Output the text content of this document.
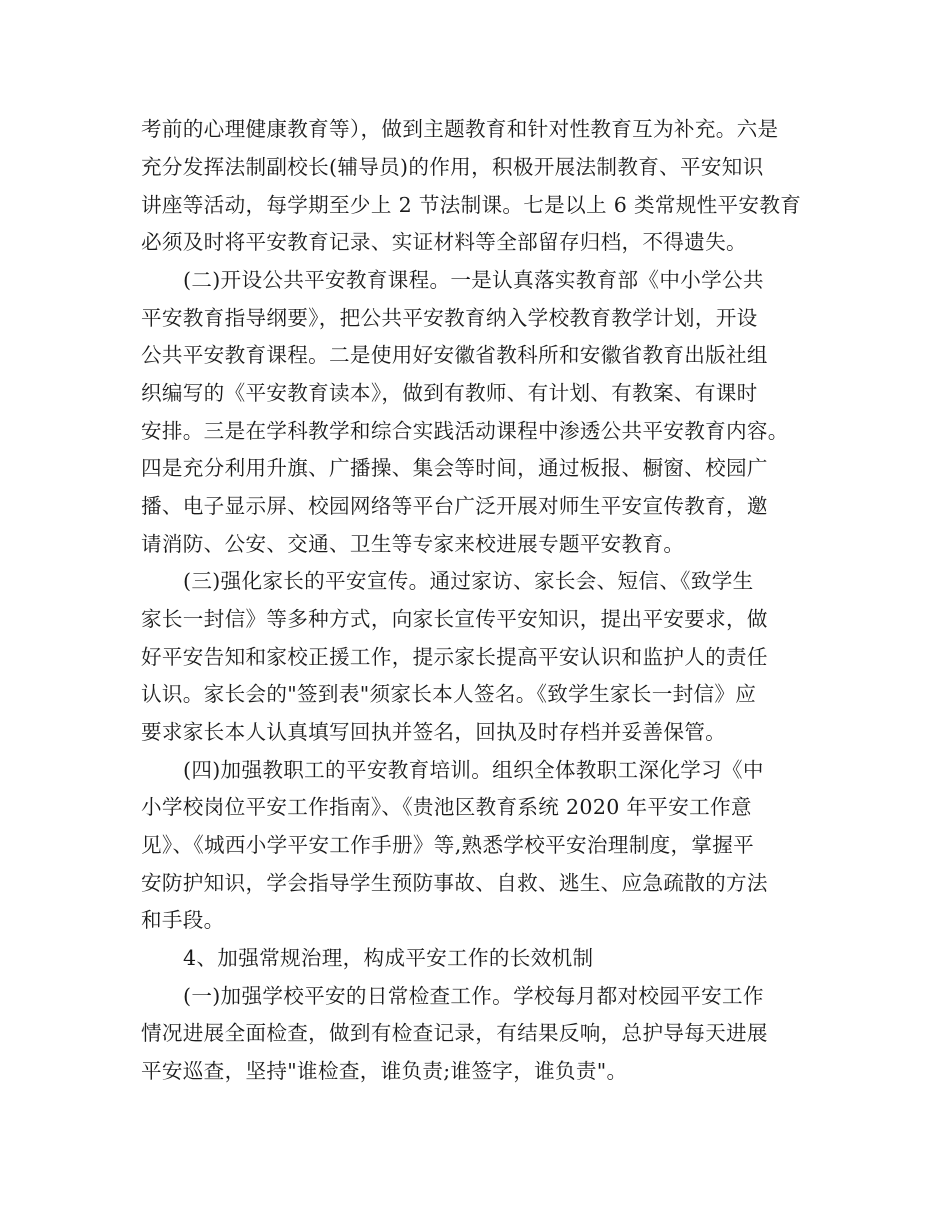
考前的心理健康教育等），做到主题教育和针对性教育互为补充。六是
充分发挥法制副校长(辅导员)的作用，积极开展法制教育、平安知识
讲座等活动，每学期至少上 2 节法制课。七是以上 6 类常规性平安教育
必须及时将平安教育记录、实证材料等全部留存归档，不得遗失。
(二)开设公共平安教育课程。一是认真落实教育部《中小学公共
平安教育指导纲要》，把公共平安教育纳入学校教育教学计划，开设
公共平安教育课程。二是使用好安徽省教科所和安徽省教育出版社组
织编写的《平安教育读本》，做到有教师、有计划、有教案、有课时
安排。三是在学科教学和综合实践活动课程中渗透公共平安教育内容。
四是充分利用升旗、广播操、集会等时间，通过板报、橱窗、校园广
播、电子显示屏、校园网络等平台广泛开展对师生平安宣传教育，邀
请消防、公安、交通、卫生等专家来校进展专题平安教育。
(三)强化家长的平安宣传。通过家访、家长会、短信、《致学生
家长一封信》等多种方式，向家长宣传平安知识，提出平安要求，做
好平安告知和家校正援工作，提示家长提高平安认识和监护人的责任
认识。家长会的"签到表"须家长本人签名。《致学生家长一封信》应
要求家长本人认真填写回执并签名，回执及时存档并妥善保管。
(四)加强教职工的平安教育培训。组织全体教职工深化学习《中
小学校岗位平安工作指南》、《贵池区教育系统 2020 年平安工作意
见》、《城西小学平安工作手册》等,熟悉学校平安治理制度，掌握平
安防护知识，学会指导学生预防事故、自救、逃生、应急疏散的方法
和手段。
4、加强常规治理，构成平安工作的长效机制
(一)加强学校平安的日常检查工作。学校每月都对校园平安工作
情况进展全面检查，做到有检查记录，有结果反响，总护导每天进展
平安巡查，坚持"谁检查，谁负责;谁签字，谁负责"。
